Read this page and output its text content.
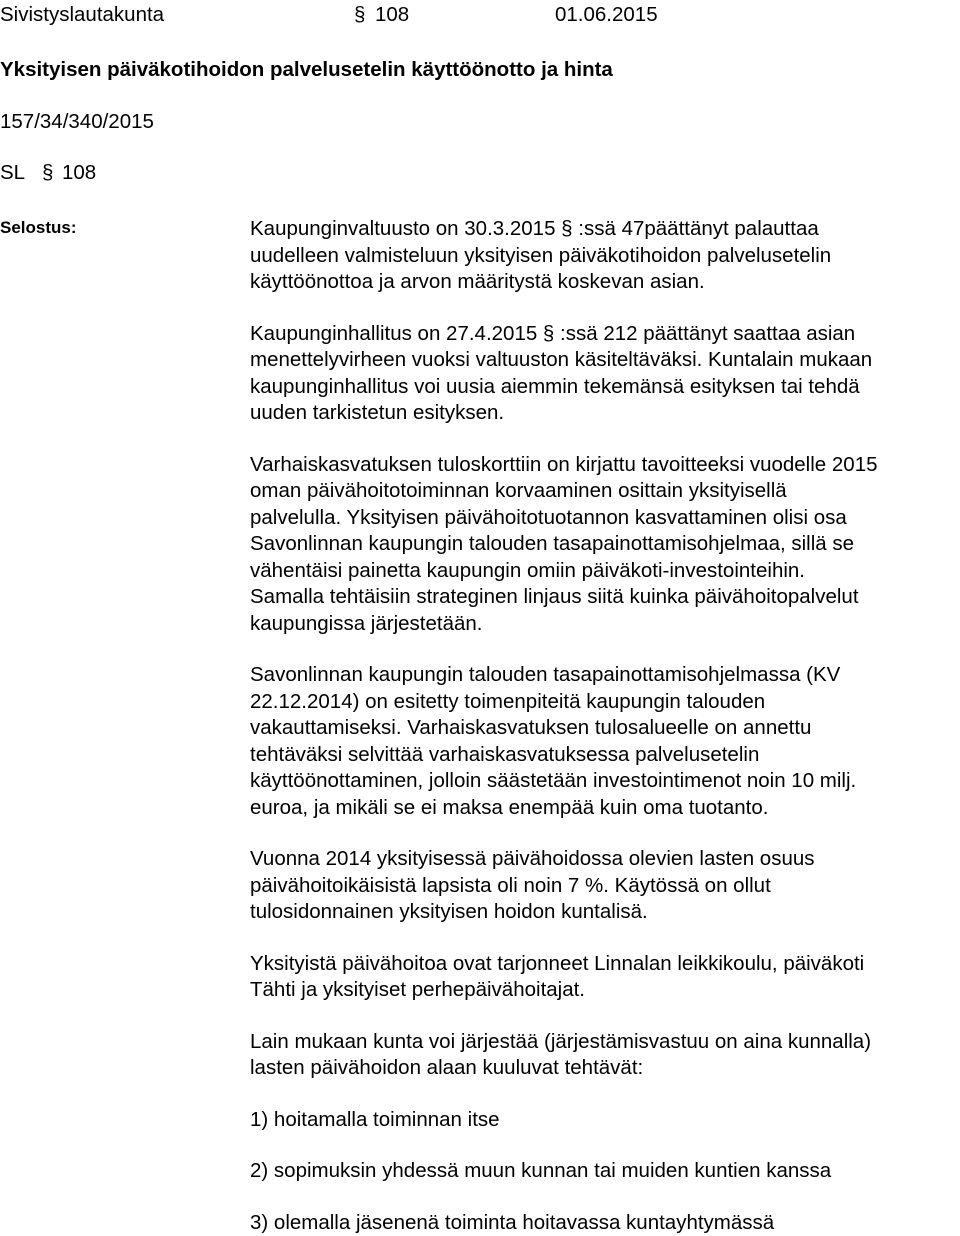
Sivistyslautakunta	§ 108	01.06.2015
Yksityisen päiväkotihoidon palvelusetelin käyttöönotto ja hinta
157/34/340/2015
SL § 108
Selostus:	Kaupunginvaltuusto on 30.3.2015 § :ssä 47päättänyt palauttaa

uudelleen valmisteluun yksityisen päiväkotihoidon palvelusetelin

käyttöönottoa ja arvon määritystä koskevan asian.

Kaupunginhallitus on 27.4.2015 § :ssä 212 päättänyt saattaa asian

menettelyvirheen vuoksi valtuuston käsiteltäväksi. Kuntalain mukaan

kaupunginhallitus voi uusia aiemmin tekemänsä esityksen tai tehdä

uuden tarkistetun esityksen.

Varhaiskasvatuksen tuloskorttiin on kirjattu tavoitteeksi vuodelle 2015

oman päivähoitotoiminnan korvaaminen osittain yksityisellä

palvelulla. Yksityisen päivähoitotuotannon kasvattaminen olisi osa

Savonlinnan kaupungin talouden tasapainottamisohjelmaa, sillä se

vähentäisi painetta kaupungin omiin päiväkoti-investointeihin.

Samalla tehtäisiin strateginen linjaus siitä kuinka päivähoitopalvelut

kaupungissa järjestetään.

Savonlinnan kaupungin talouden tasapainottamisohjelmassa (KV

22.12.2014) on esitetty toimenpiteitä kaupungin talouden

vakauttamiseksi. Varhaiskasvatuksen tulosalueelle on annettu

tehtäväksi selvittää varhaiskasvatuksessa palvelusetelin

käyttöönottaminen, jolloin säästetään investointimenot noin 10 milj.

euroa, ja mikäli se ei maksa enempää kuin oma tuotanto.

Vuonna 2014 yksityisessä päivähoidossa olevien lasten osuus

päivähoitoikäisistä lapsista oli noin 7 %. Käytössä on ollut

tulosidonnainen yksityisen hoidon kuntalisä.

Yksityistä päivähoitoa ovat tarjonneet Linnalan leikkikoulu, päiväkoti

Tähti ja yksityiset perhepäivähoitajat.

Lain mukaan kunta voi järjestää (järjestämisvastuu on aina kunnalla)

lasten päivähoidon alaan kuuluvat tehtävät:

1) hoitamalla toiminnan itse

2) sopimuksin yhdessä muun kunnan tai muiden kuntien kanssa

3) olemalla jäsenenä toiminta hoitavassa kuntayhtymässä
